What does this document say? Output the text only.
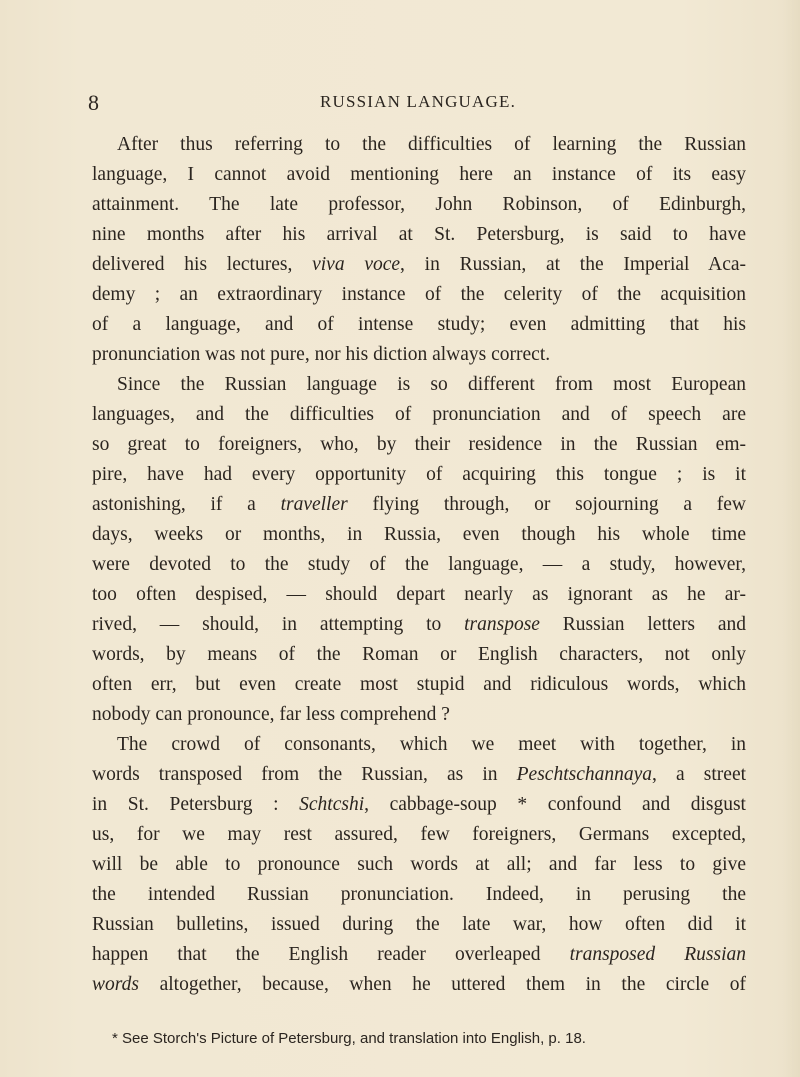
8	RUSSIAN LANGUAGE.
After thus referring to the difficulties of learning the Russian
language, I cannot avoid mentioning here an instance of its easy
attainment. The late professor, John Robinson, of Edinburgh,
nine months after his arrival at St. Petersburg, is said to have
delivered his lectures, viva voce, in Russian, at the Imperial Aca-
demy ; an extraordinary instance of the celerity of the acquisition
of a language, and of intense study; even admitting that his
pronunciation was not pure, nor his diction always correct.
Since the Russian language is so different from most European
languages, and the difficulties of pronunciation and of speech are
so great to foreigners, who, by their residence in the Russian em-
pire, have had every opportunity of acquiring this tongue ; is it
astonishing, if a traveller flying through, or sojourning a few
days, weeks or months, in Russia, even though his whole time
were devoted to the study of the language, — a study, however,
too often despised, — should depart nearly as ignorant as he ar-
rived, — should, in attempting to transpose Russian letters and
words, by means of the Roman or English characters, not only
often err, but even create most stupid and ridiculous words, which
nobody can pronounce, far less comprehend ?
The crowd of consonants, which we meet with together, in
words transposed from the Russian, as in Peschtschannaya, a street
in St. Petersburg : Schtcshi, cabbage-soup * confound and disgust
us, for we may rest assured, few foreigners, Germans excepted,
will be able to pronounce such words at all; and far less to give
the intended Russian pronunciation. Indeed, in perusing the
Russian bulletins, issued during the late war, how often did it
happen that the English reader overleaped transposed Russian
words altogether, because, when he uttered them in the circle of
* See Storch's Picture of Petersburg, and translation into English, p. 18.
